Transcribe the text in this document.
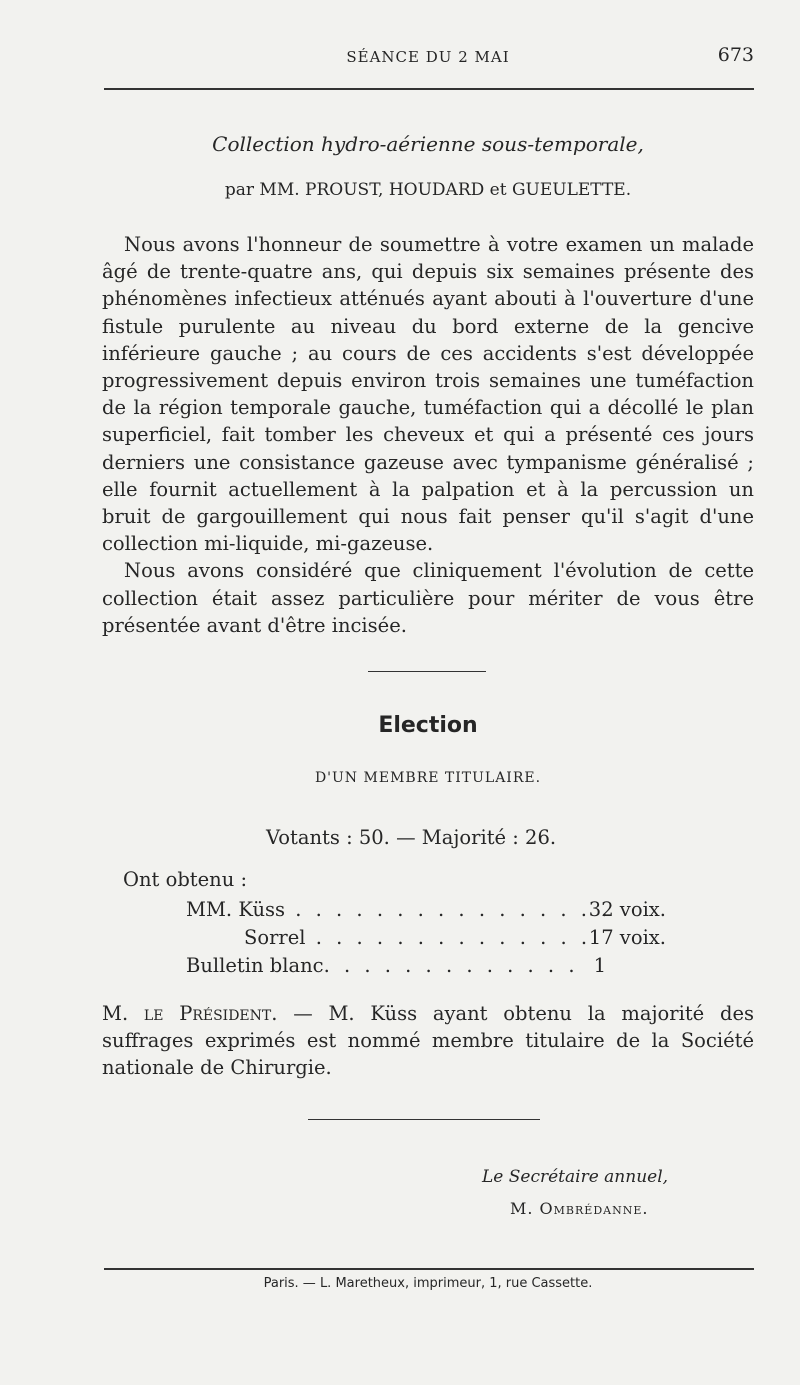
SÉANCE DU 2 MAI	673
Collection hydro-aérienne sous-temporale,
par MM. PROUST, HOUDARD et GUEULETTE.

Nous avons l'honneur de soumettre à votre examen un malade âgé de trente-quatre ans, qui depuis six semaines présente des phénomènes infectieux atténués ayant abouti à l'ouverture d'une fistule purulente au niveau du bord externe de la gencive inférieure gauche ; au cours de ces accidents s'est développée progressivement depuis environ trois semaines une tuméfaction de la région temporale gauche, tuméfaction qui a décollé le plan superficiel, fait tomber les cheveux et qui a présenté ces jours derniers une consistance gazeuse avec tympanisme généralisé ; elle fournit actuellement à la palpation et à la percussion un bruit de gargouillement qui nous fait penser qu'il s'agit d'une collection mi-liquide, mi-gazeuse.

Nous avons considéré que cliniquement l'évolution de cette collection était assez particulière pour mériter de vous être présentée avant d'être incisée.

Election
D'UN MEMBRE TITULAIRE.
Votants : 50. — Majorité : 26.
Ont obtenu :
MM. Küss . . . . . . . . . . . . . . . .
32 voix.
Sorrel . . . . . . . . . . . . . .
17 voix.
Bulletin blanc. . . . . . . . . . . . . 1

M. le Président. — M. Küss ayant obtenu la majorité des suffrages exprimés est nommé membre titulaire de la Société nationale de Chirurgie.

Le Secrétaire annuel,
M. Ombrédanne.
Paris. — L. Maretheux, imprimeur, 1, rue Cassette.
